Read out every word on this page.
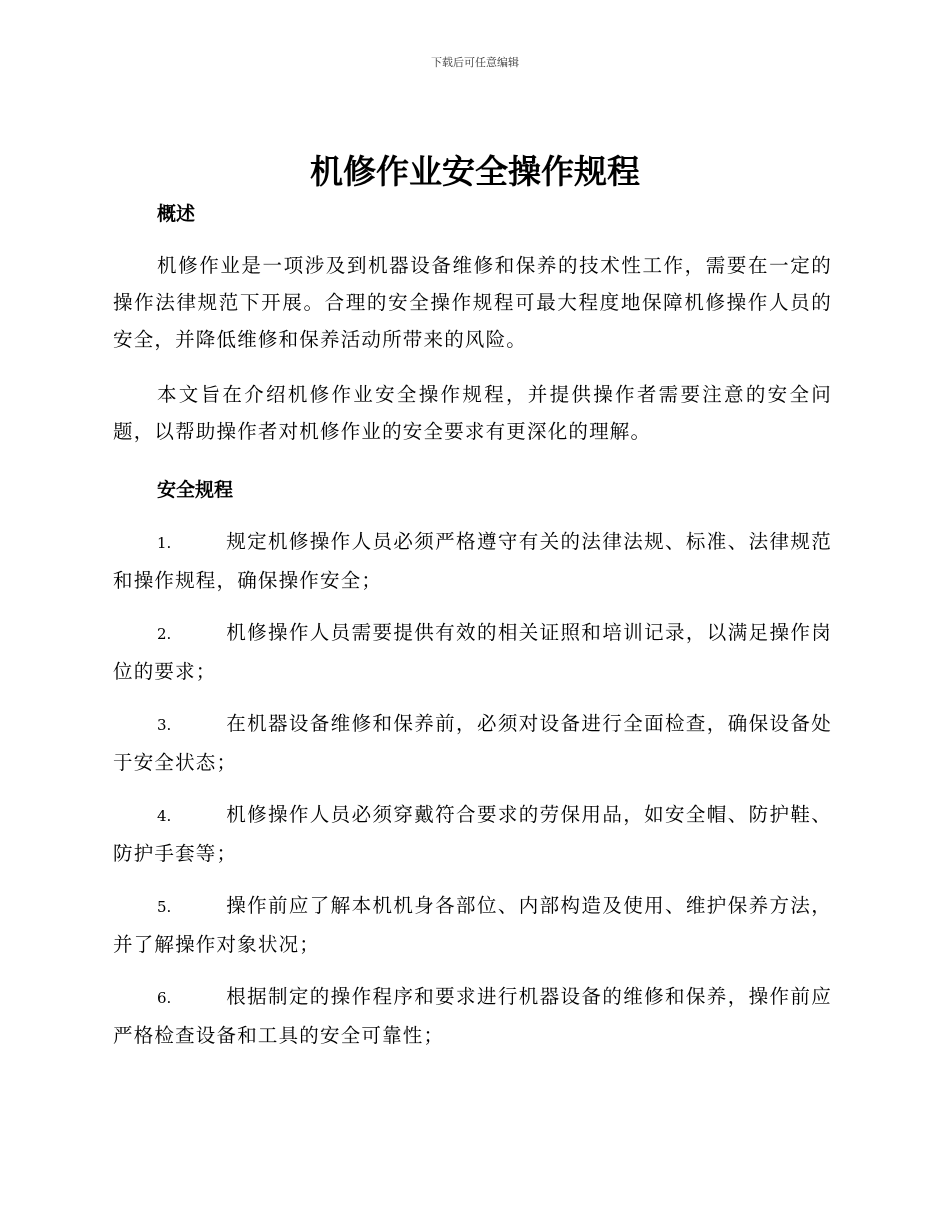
下载后可任意编辑
机修作业安全操作规程

概述

机修作业是一项涉及到机器设备维修和保养的技术性工作，需要在一定的操作法律规范下开展。合理的安全操作规程可最大程度地保障机修操作人员的安全，并降低维修和保养活动所带来的风险。

本文旨在介绍机修作业安全操作规程，并提供操作者需要注意的安全问题，以帮助操作者对机修作业的安全要求有更深化的理解。

安全规程

1.	规定机修操作人员必须严格遵守有关的法律法规、标准、法律规范和操作规程，确保操作安全；

2.	机修操作人员需要提供有效的相关证照和培训记录，以满足操作岗位的要求；

3.	在机器设备维修和保养前，必须对设备进行全面检查，确保设备处于安全状态；

4.	机修操作人员必须穿戴符合要求的劳保用品，如安全帽、防护鞋、防护手套等；

5.	操作前应了解本机机身各部位、内部构造及使用、维护保养方法，并了解操作对象状况；

6.	根据制定的操作程序和要求进行机器设备的维修和保养，操作前应严格检查设备和工具的安全可靠性；
